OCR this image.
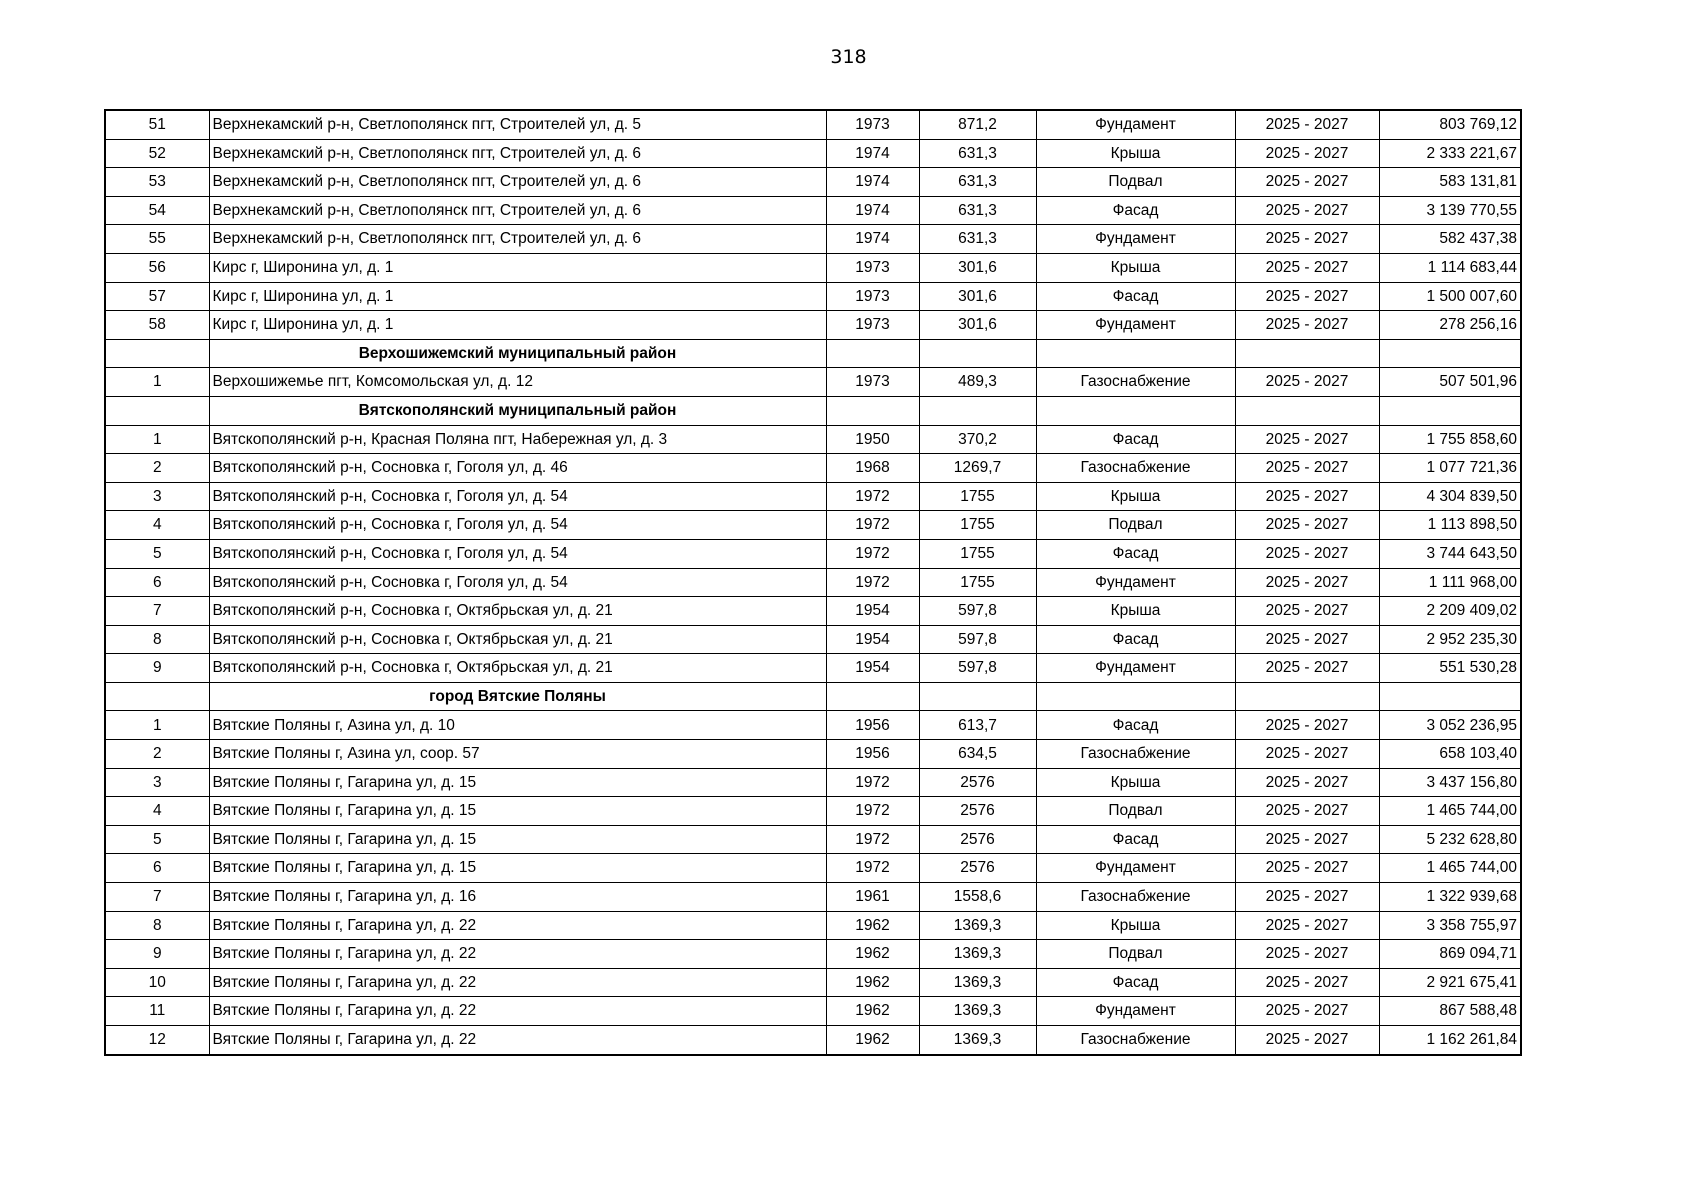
318
51	Верхнекамский р-н, Светлополянск пгт, Строителей ул, д. 5	1973	871,2	Фундамент	2025 - 2027	803 769,12
52	Верхнекамский р-н, Светлополянск пгт, Строителей ул, д. 6	1974	631,3	Крыша	2025 - 2027	2 333 221,67
53	Верхнекамский р-н, Светлополянск пгт, Строителей ул, д. 6	1974	631,3	Подвал	2025 - 2027	583 131,81
54	Верхнекамский р-н, Светлополянск пгт, Строителей ул, д. 6	1974	631,3	Фасад	2025 - 2027	3 139 770,55
55	Верхнекамский р-н, Светлополянск пгт, Строителей ул, д. 6	1974	631,3	Фундамент	2025 - 2027	582 437,38
56	Кирс г, Широнина ул, д. 1	1973	301,6	Крыша	2025 - 2027	1 114 683,44
57	Кирс г, Широнина ул, д. 1	1973	301,6	Фасад	2025 - 2027	1 500 007,60
58	Кирс г, Широнина ул, д. 1	1973	301,6	Фундамент	2025 - 2027	278 256,16
	Верхошижемский муниципальный район					
1	Верхошижемье пгт, Комсомольская ул, д. 12	1973	489,3	Газоснабжение	2025 - 2027	507 501,96
	Вятскополянский муниципальный район					
1	Вятскополянский р-н, Красная Поляна пгт, Набережная ул, д. 3	1950	370,2	Фасад	2025 - 2027	1 755 858,60
2	Вятскополянский р-н, Сосновка г, Гоголя ул, д. 46	1968	1269,7	Газоснабжение	2025 - 2027	1 077 721,36
3	Вятскополянский р-н, Сосновка г, Гоголя ул, д. 54	1972	1755	Крыша	2025 - 2027	4 304 839,50
4	Вятскополянский р-н, Сосновка г, Гоголя ул, д. 54	1972	1755	Подвал	2025 - 2027	1 113 898,50
5	Вятскополянский р-н, Сосновка г, Гоголя ул, д. 54	1972	1755	Фасад	2025 - 2027	3 744 643,50
6	Вятскополянский р-н, Сосновка г, Гоголя ул, д. 54	1972	1755	Фундамент	2025 - 2027	1 111 968,00
7	Вятскополянский р-н, Сосновка г, Октябрьская ул, д. 21	1954	597,8	Крыша	2025 - 2027	2 209 409,02
8	Вятскополянский р-н, Сосновка г, Октябрьская ул, д. 21	1954	597,8	Фасад	2025 - 2027	2 952 235,30
9	Вятскополянский р-н, Сосновка г, Октябрьская ул, д. 21	1954	597,8	Фундамент	2025 - 2027	551 530,28
	город Вятские Поляны					
1	Вятские Поляны г, Азина ул, д. 10	1956	613,7	Фасад	2025 - 2027	3 052 236,95
2	Вятские Поляны г, Азина ул, соор. 57	1956	634,5	Газоснабжение	2025 - 2027	658 103,40
3	Вятские Поляны г, Гагарина ул, д. 15	1972	2576	Крыша	2025 - 2027	3 437 156,80
4	Вятские Поляны г, Гагарина ул, д. 15	1972	2576	Подвал	2025 - 2027	1 465 744,00
5	Вятские Поляны г, Гагарина ул, д. 15	1972	2576	Фасад	2025 - 2027	5 232 628,80
6	Вятские Поляны г, Гагарина ул, д. 15	1972	2576	Фундамент	2025 - 2027	1 465 744,00
7	Вятские Поляны г, Гагарина ул, д. 16	1961	1558,6	Газоснабжение	2025 - 2027	1 322 939,68
8	Вятские Поляны г, Гагарина ул, д. 22	1962	1369,3	Крыша	2025 - 2027	3 358 755,97
9	Вятские Поляны г, Гагарина ул, д. 22	1962	1369,3	Подвал	2025 - 2027	869 094,71
10	Вятские Поляны г, Гагарина ул, д. 22	1962	1369,3	Фасад	2025 - 2027	2 921 675,41
11	Вятские Поляны г, Гагарина ул, д. 22	1962	1369,3	Фундамент	2025 - 2027	867 588,48
12	Вятские Поляны г, Гагарина ул, д. 22	1962	1369,3	Газоснабжение	2025 - 2027	1 162 261,84
